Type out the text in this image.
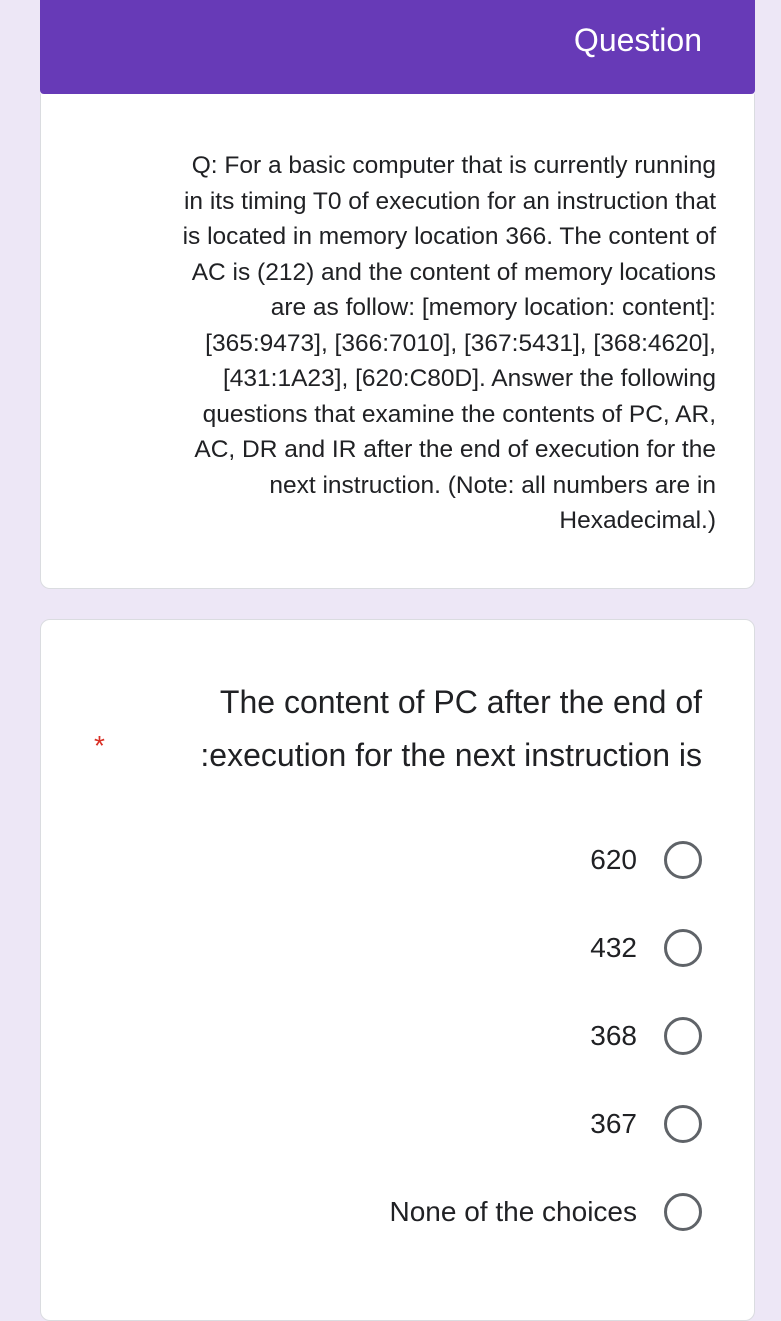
Question
Q: For a basic computer that is currently running
in its timing T0 of execution for an instruction that
is located in memory location 366. The content of
AC is (212) and the content of memory locations
are as follow: [memory location: content]:
[365:9473], [366:7010], [367:5431], [368:4620],
[431:1A23], [620:C80D]. Answer the following
questions that examine the contents of PC, AR,
AC, DR and IR after the end of execution for the
next instruction. (Note: all numbers are in
Hexadecimal.)
The content of PC after the end of
:execution for the next instruction is
*
620
432
368
367
None of the choices
